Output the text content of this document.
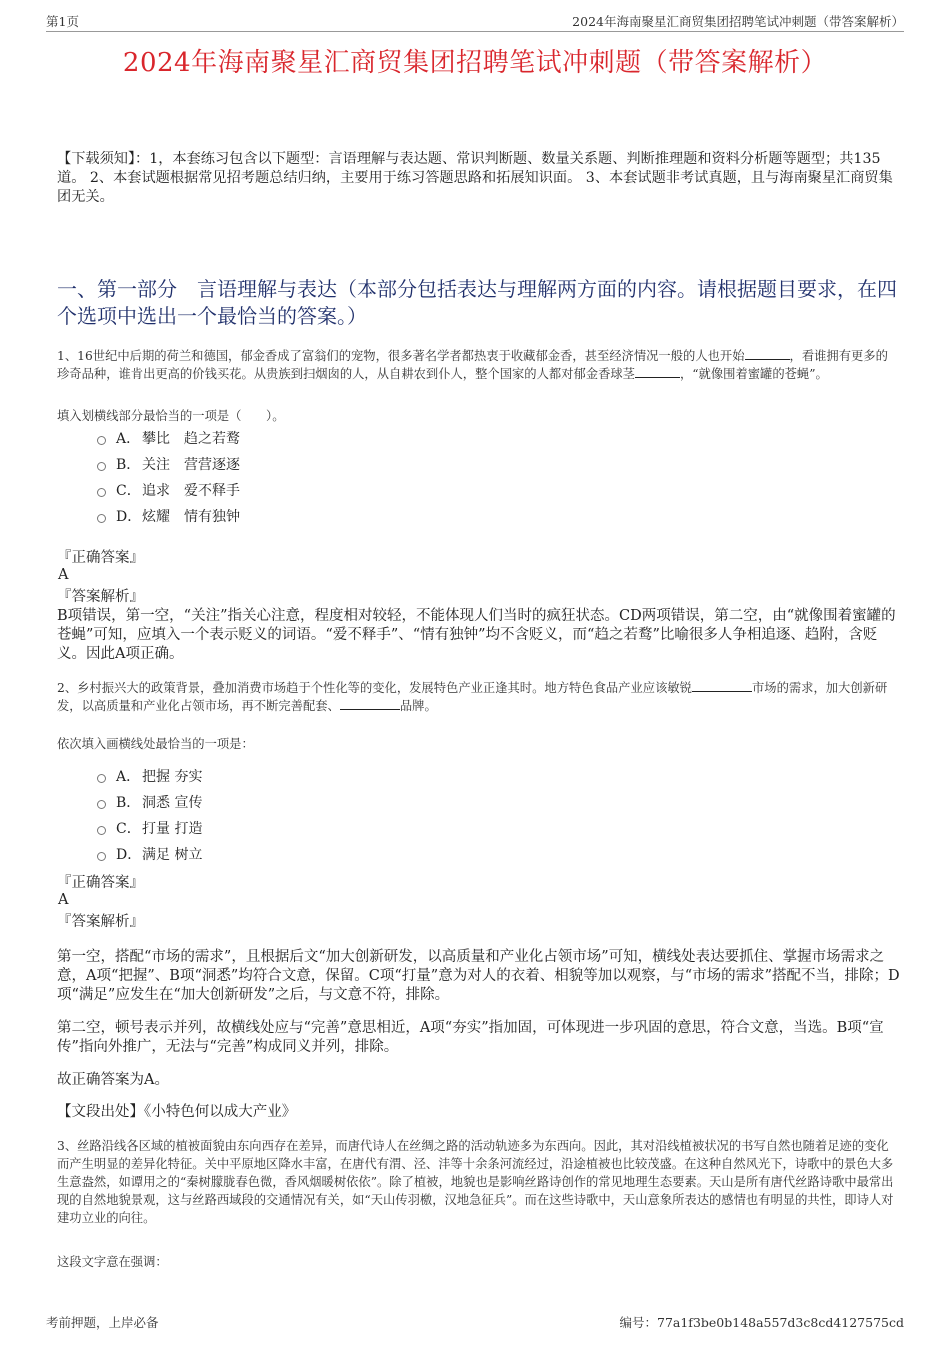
第1页	2024年海南聚星汇商贸集团招聘笔试冲刺题（带答案解析）
2024年海南聚星汇商贸集团招聘笔试冲刺题（带答案解析）
【下载须知】：1，本套练习包含以下题型：言语理解与表达题、常识判断题、数量关系题、判断推理题和资料分析题等题型；共135道。 2、本套试题根据常见招考题总结归纳，主要用于练习答题思路和拓展知识面。 3、本套试题非考试真题，且与海南聚星汇商贸集团无关。
一、第一部分　言语理解与表达（本部分包括表达与理解两方面的内容。请根据题目要求，在四个选项中选出一个最恰当的答案。）
1、16世纪中后期的荷兰和德国，郁金香成了富翁们的宠物，很多著名学者都热衷于收藏郁金香，甚至经济情况一般的人也开始	，看谁拥有更多的珍奇品种，谁肯出更高的价钱买花。从贵族到扫烟囱的人，从自耕农到仆人，整个国家的人都对郁金香球茎	，“就像围着蜜罐的苍蝇”。
填入划横线部分最恰当的一项是（　　）。
A． 攀比　趋之若鹜
B． 关注　营营逐逐
C． 追求　爱不释手
D． 炫耀　情有独钟
『正确答案』
A
『答案解析』
B项错误，第一空，“关注”指关心注意，程度相对较轻，不能体现人们当时的疯狂状态。CD两项错误，第二空，由“就像围着蜜罐的苍蝇”可知，应填入一个表示贬义的词语。“爱不释手”、“情有独钟”均不含贬义，而“趋之若鹜”比喻很多人争相追逐、趋附，含贬义。因此A项正确。
2、乡村振兴大的政策背景，叠加消费市场趋于个性化等的变化，发展特色产业正逢其时。地方特色食品产业应该敏锐	市场的需求，加大创新研发，以高质量和产业化占领市场，再不断完善配套、	品牌。
依次填入画横线处最恰当的一项是：
A． 把握 夯实
B． 洞悉 宣传
C． 打量 打造
D． 满足 树立
『正确答案』
A
『答案解析』
第一空，搭配“市场的需求”，且根据后文“加大创新研发，以高质量和产业化占领市场”可知，横线处表达要抓住、掌握市场需求之意，A项“把握”、B项“洞悉”均符合文意，保留。C项“打量”意为对人的衣着、相貌等加以观察，与“市场的需求”搭配不当，排除；D项“满足”应发生在“加大创新研发”之后，与文意不符，排除。
第二空，顿号表示并列，故横线处应与“完善”意思相近，A项“夯实”指加固，可体现进一步巩固的意思，符合文意，当选。B项“宣传”指向外推广，无法与“完善”构成同义并列，排除。
故正确答案为A。
【文段出处】《小特色何以成大产业》
3、丝路沿线各区域的植被面貌由东向西存在差异，而唐代诗人在丝绸之路的活动轨迹多为东西向。因此，其对沿线植被状况的书写自然也随着足迹的变化而产生明显的差异化特征。关中平原地区降水丰富，在唐代有渭、泾、沣等十余条河流经过，沿途植被也比较茂盛。在这种自然风光下，诗歌中的景色大多生意盎然，如谭用之的“秦树朦胧春色微，香风烟暖树依依”。除了植被，地貌也是影响丝路诗创作的常见地理生态要素。天山是所有唐代丝路诗歌中最常出现的自然地貌景观，这与丝路西域段的交通情况有关，如“天山传羽檄，汉地急征兵”。而在这些诗歌中，天山意象所表达的感情也有明显的共性，即诗人对建功立业的向往。
这段文字意在强调：
考前押题，上岸必备	编号：77a1f3be0b148a557d3c8cd4127575cd
